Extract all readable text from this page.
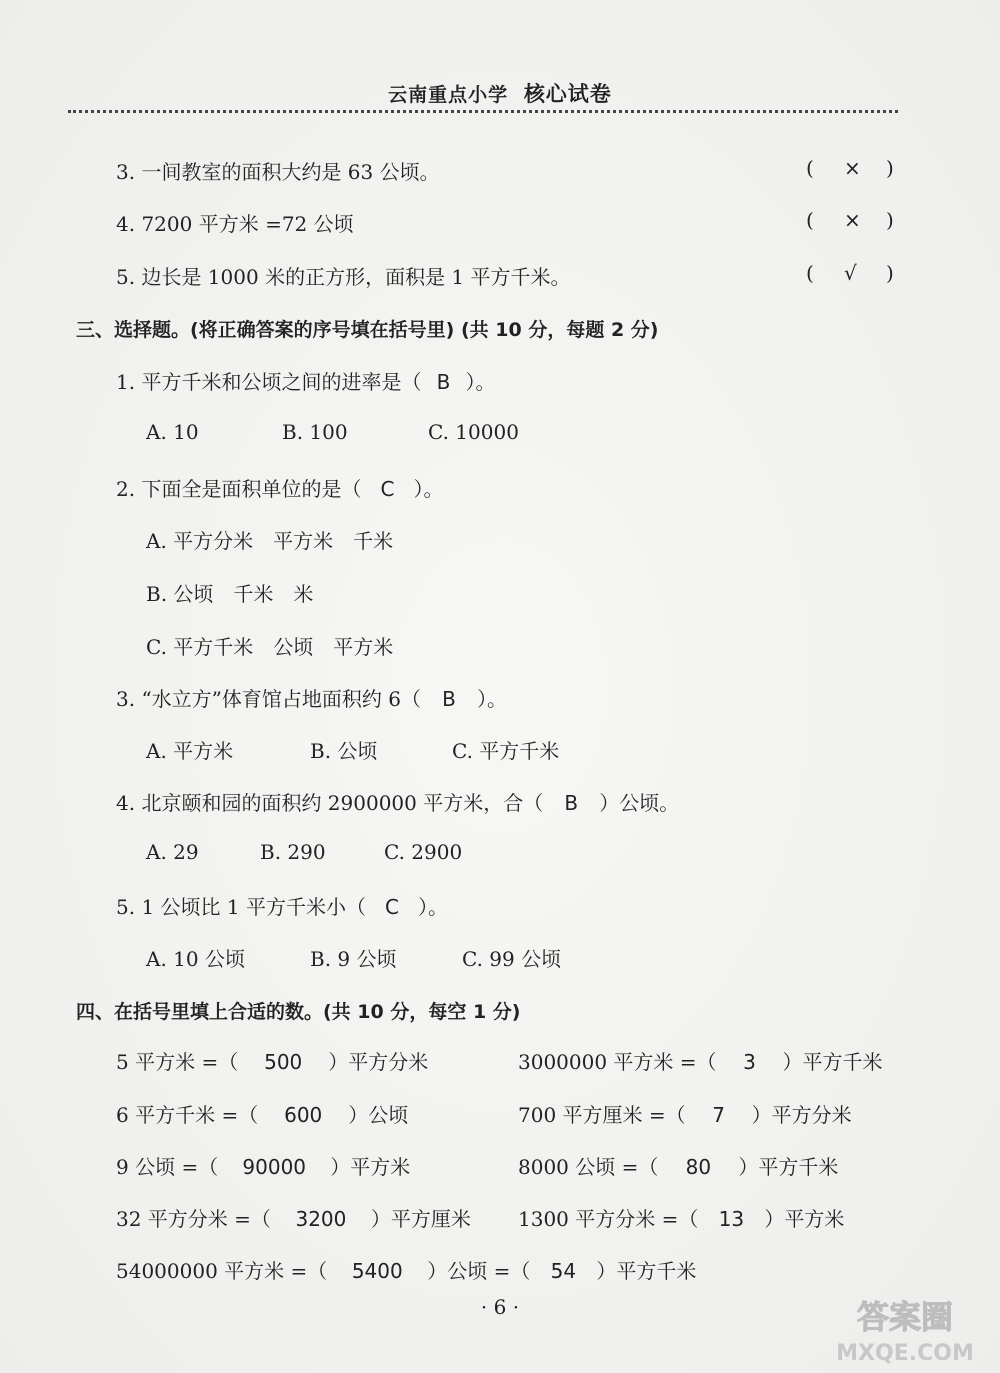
云南重点小学 核心试卷
3. 一间教室的面积大约是 63 公顷。	( × )
4. 7200 平方米 =72 公顷	( × )
5. 边长是 1000 米的正方形，面积是 1 平方千米。	( √ )
三、选择题。(将正确答案的序号填在括号里) (共 10 分，每题 2 分)
1. 平方千米和公顷之间的进率是（ B ）。
A. 10	B. 100	C. 10000
2. 下面全是面积单位的是（ C ）。
A. 平方分米　平方米　千米
B. 公顷　千米　米
C. 平方千米　公顷　平方米
3. “水立方”体育馆占地面积约 6（ B ）。
A. 平方米	B. 公顷	C. 平方千米
4. 北京颐和园的面积约 2900000 平方米，合（ B ）公顷。
A. 29	B. 290	C. 2900
5. 1 公顷比 1 平方千米小（ C ）。
A. 10 公顷	B. 9 公顷	C. 99 公顷
四、在括号里填上合适的数。(共 10 分，每空 1 分)
5 平方米 =（ 500 ）平方分米	3000000 平方米 =（ 3 ）平方千米
6 平方千米 =（ 600 ）公顷	700 平方厘米 =（ 7 ）平方分米
9 公顷 =（ 90000 ）平方米	8000 公顷 =（ 80 ）平方千米
32 平方分米 =（ 3200 ）平方厘米 1300 平方分米 =（ 13 ）平方米
54000000 平方米 =（ 5400 ）公顷 =（ 54 ）平方千米
· 6 ·	答案圈
MXQE.COM
